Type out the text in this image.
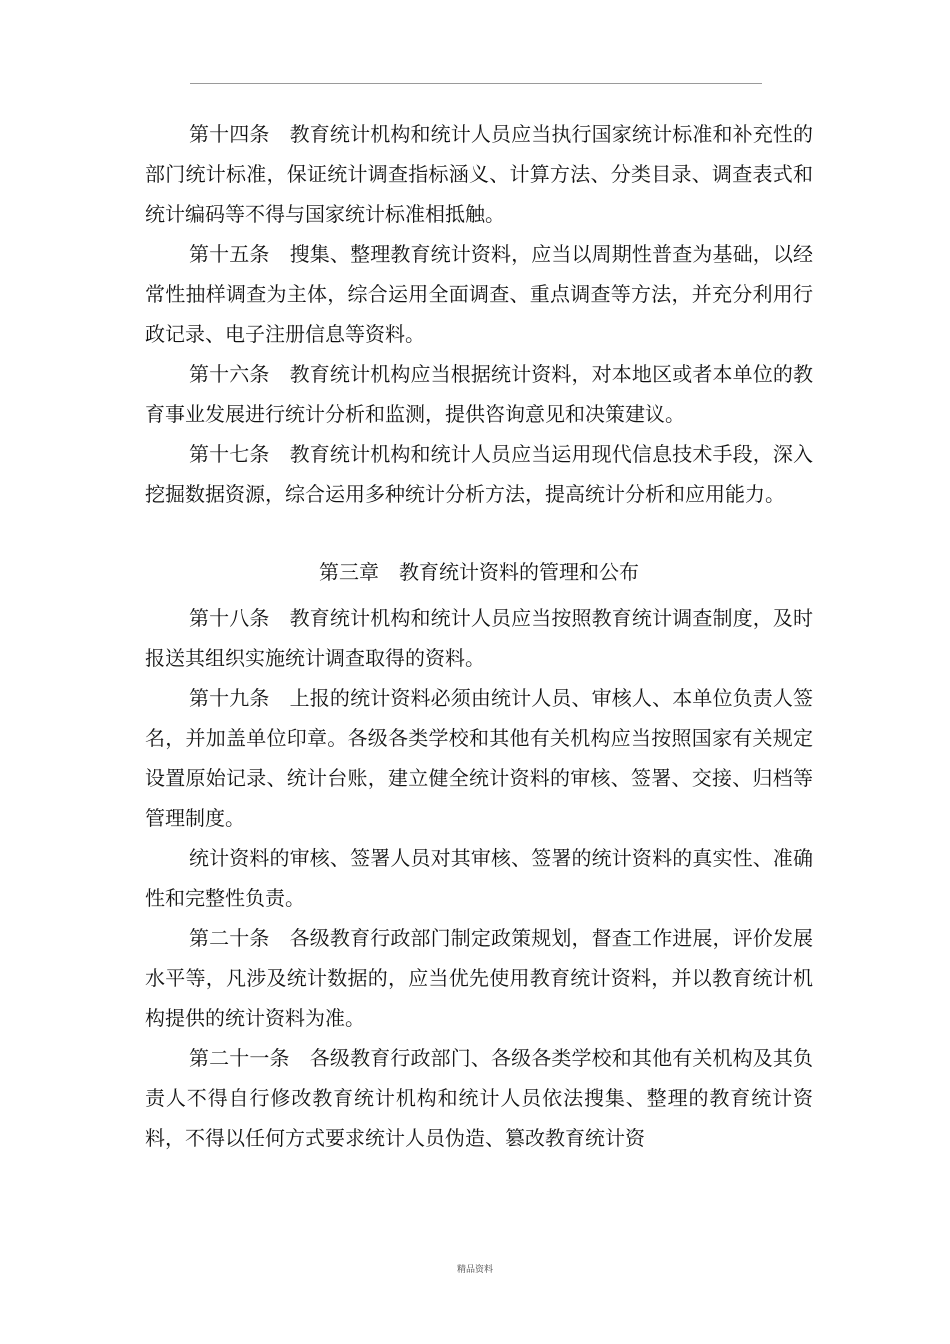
第十四条　教育统计机构和统计人员应当执行国家统计标准和补充性的部门统计标准，保证统计调查指标涵义、计算方法、分类目录、调查表式和统计编码等不得与国家统计标准相抵触。

第十五条　搜集、整理教育统计资料，应当以周期性普查为基础，以经常性抽样调查为主体，综合运用全面调查、重点调查等方法，并充分利用行政记录、电子注册信息等资料。

第十六条　教育统计机构应当根据统计资料，对本地区或者本单位的教育事业发展进行统计分析和监测，提供咨询意见和决策建议。

第十七条　教育统计机构和统计人员应当运用现代信息技术手段，深入挖掘数据资源，综合运用多种统计分析方法，提高统计分析和应用能力。

第三章　教育统计资料的管理和公布

第十八条　教育统计机构和统计人员应当按照教育统计调查制度，及时报送其组织实施统计调查取得的资料。

第十九条　上报的统计资料必须由统计人员、审核人、本单位负责人签名，并加盖单位印章。各级各类学校和其他有关机构应当按照国家有关规定设置原始记录、统计台账，建立健全统计资料的审核、签署、交接、归档等管理制度。

统计资料的审核、签署人员对其审核、签署的统计资料的真实性、准确性和完整性负责。

第二十条　各级教育行政部门制定政策规划，督查工作进展，评价发展水平等，凡涉及统计数据的，应当优先使用教育统计资料，并以教育统计机构提供的统计资料为准。

第二十一条　各级教育行政部门、各级各类学校和其他有关机构及其负责人不得自行修改教育统计机构和统计人员依法搜集、整理的教育统计资料，不得以任何方式要求统计人员伪造、篡改教育统计资

精品资料
